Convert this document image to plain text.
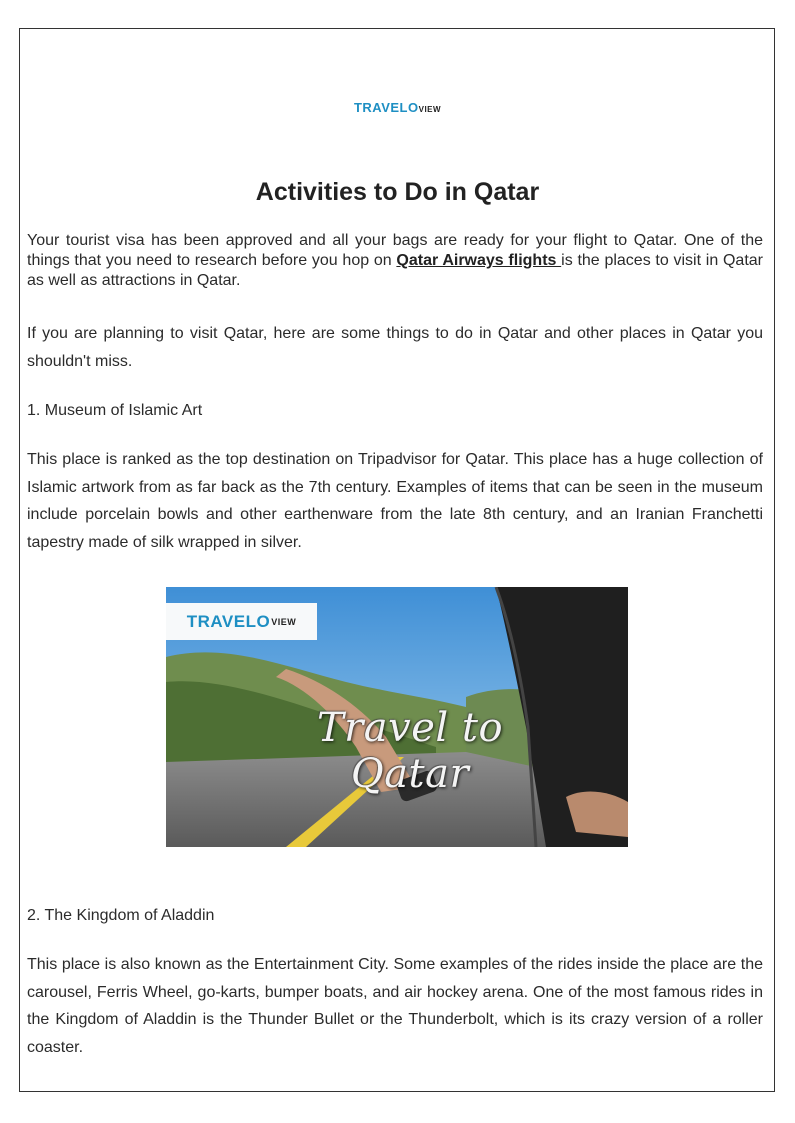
TRAVELOVIEW
Activities to Do in Qatar

Your tourist visa has been approved and all your bags are ready for your flight to Qatar. One of the things that you need to research before you hop on Qatar Airways flights is the places to visit in Qatar as well as attractions in Qatar.

If you are planning to visit Qatar, here are some things to do in Qatar and other places in Qatar you shouldn't miss.

1. Museum of Islamic Art

This place is ranked as the top destination on Tripadvisor for Qatar. This place has a huge collection of Islamic artwork from as far back as the 7th century. Examples of items that can be seen in the museum include porcelain bowls and other earthenware from the late 8th century, and an Iranian Franchetti tapestry made of silk wrapped in silver.

TRAVEL O VIEW
Travel to Qatar

2. The Kingdom of Aladdin

This place is also known as the Entertainment City. Some examples of the rides inside the place are the carousel, Ferris Wheel, go-karts, bumper boats, and air hockey arena. One of the most famous rides in the Kingdom of Aladdin is the Thunder Bullet or the Thunderbolt, which is its crazy version of a roller coaster.
